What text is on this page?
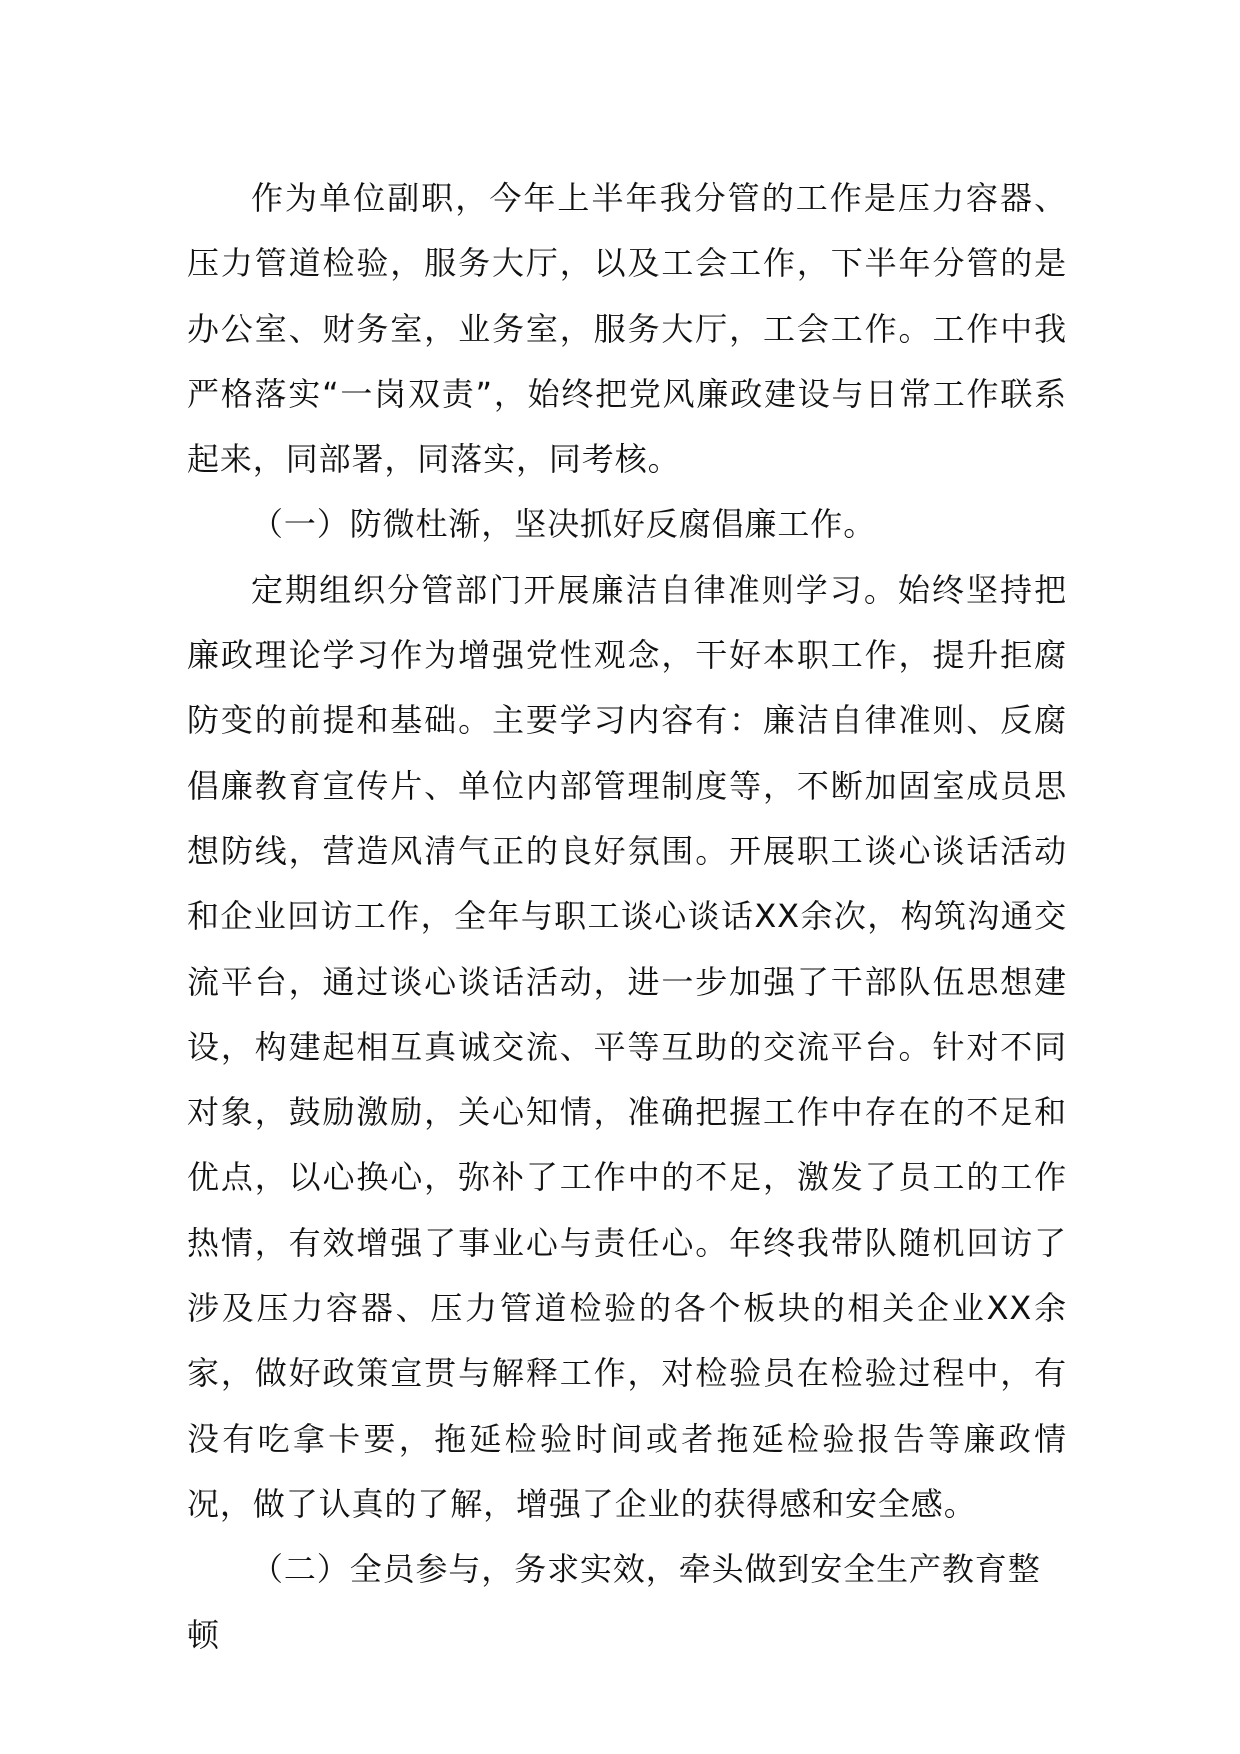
作为单位副职，今年上半年我分管的工作是压力容器、压力管道检验，服务大厅，以及工会工作，下半年分管的是办公室、财务室，业务室，服务大厅，工会工作。工作中我严格落实“一岗双责”，始终把党风廉政建设与日常工作联系起来，同部署，同落实，同考核。

（一）防微杜渐，坚决抓好反腐倡廉工作。

定期组织分管部门开展廉洁自律准则学习。始终坚持把廉政理论学习作为增强党性观念，干好本职工作，提升拒腐防变的前提和基础。主要学习内容有：廉洁自律准则、反腐倡廉教育宣传片、单位内部管理制度等，不断加固室成员思想防线，营造风清气正的良好氛围。开展职工谈心谈话活动和企业回访工作，全年与职工谈心谈话XX余次，构筑沟通交流平台，通过谈心谈话活动，进一步加强了干部队伍思想建设，构建起相互真诚交流、平等互助的交流平台。针对不同对象，鼓励激励，关心知情，准确把握工作中存在的不足和优点，以心换心，弥补了工作中的不足，激发了员工的工作热情，有效增强了事业心与责任心。年终我带队随机回访了涉及压力容器、压力管道检验的各个板块的相关企业XX余家，做好政策宣贯与解释工作，对检验员在检验过程中，有没有吃拿卡要，拖延检验时间或者拖延检验报告等廉政情况，做了认真的了解，增强了企业的获得感和安全感。

（二）全员参与，务求实效，牵头做到安全生产教育整顿
